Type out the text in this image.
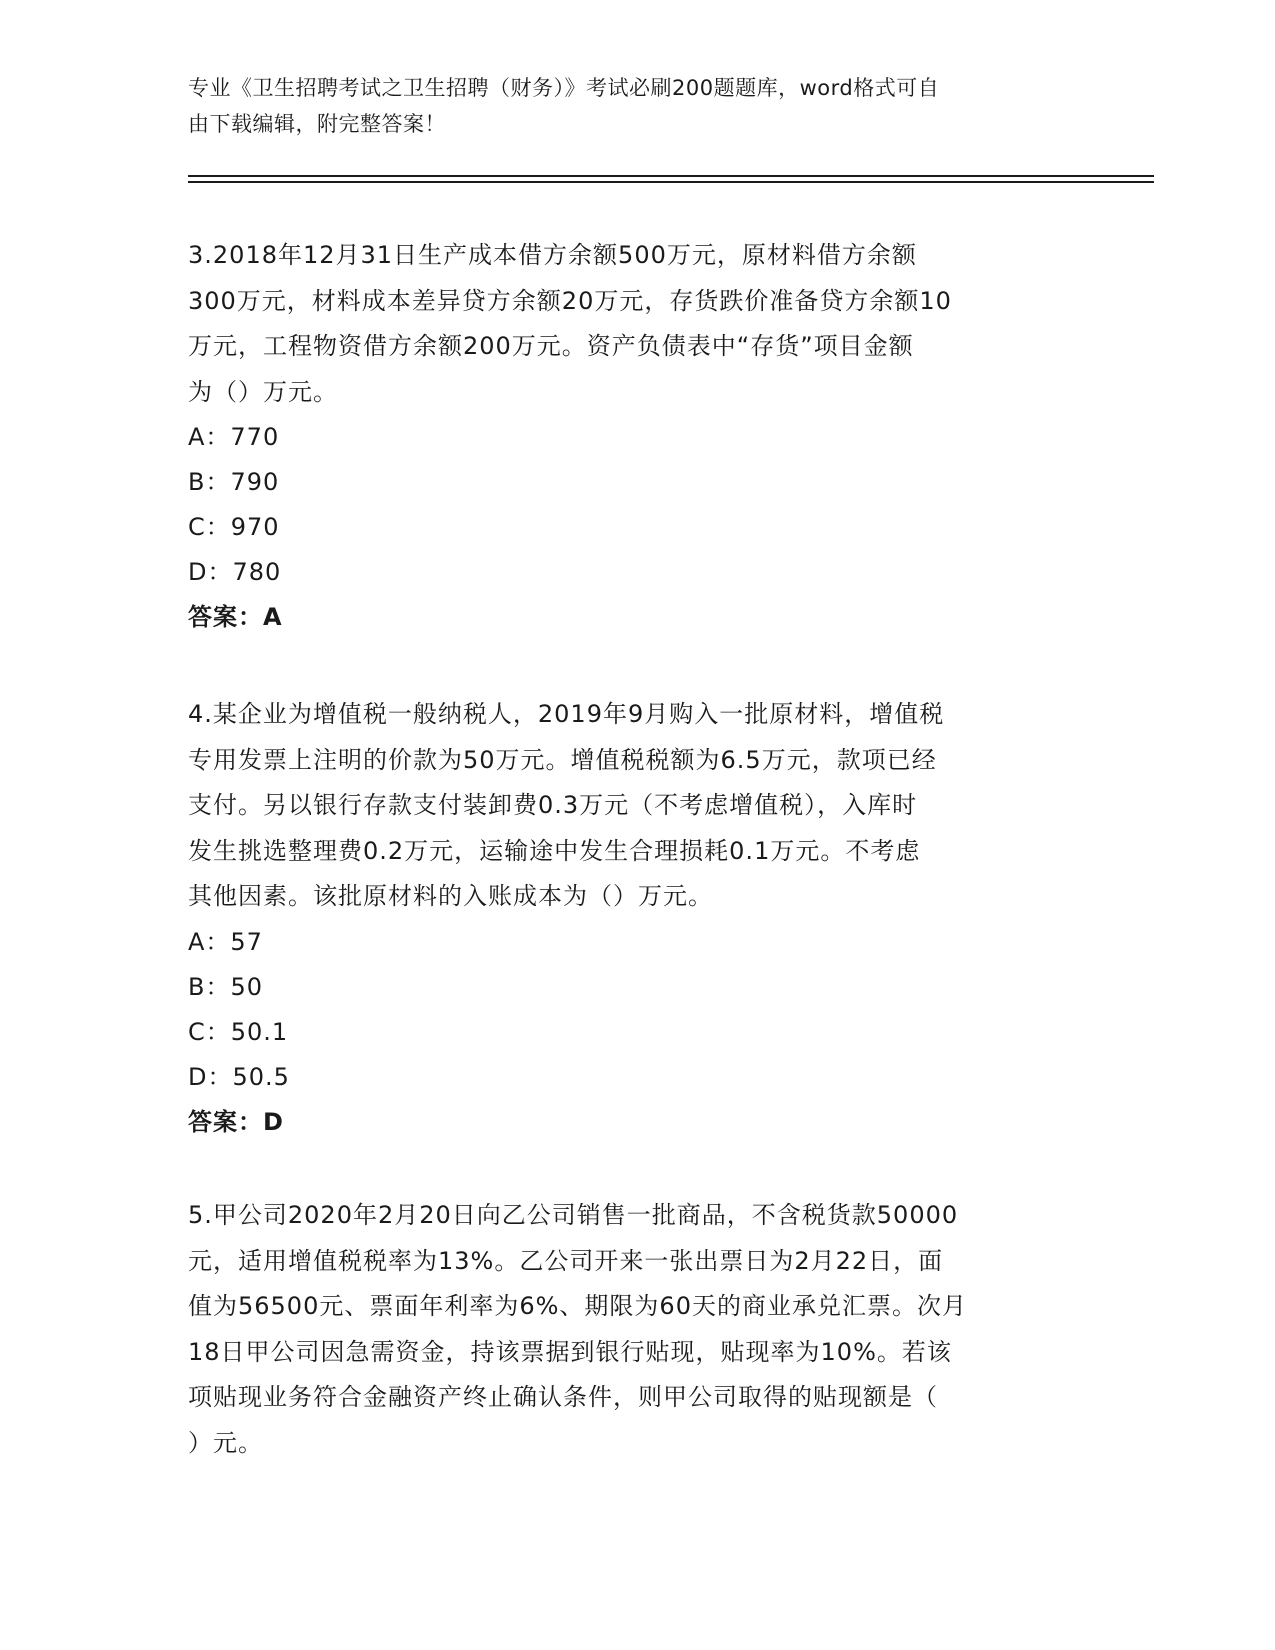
专业《卫生招聘考试之卫生招聘（财务）》考试必刷200题题库，word格式可自
由下载编辑，附完整答案！
3.2018年12月31日生产成本借方余额500万元，原材料借方余额
300万元，材料成本差异贷方余额20万元，存货跌价准备贷方余额10
万元，工程物资借方余额200万元。资产负债表中“存货”项目金额
为（）万元。
A：770
B：790
C：970
D：780
答案：A
4.某企业为增值税一般纳税人，2019年9月购入一批原材料，增值税
专用发票上注明的价款为50万元。增值税税额为6.5万元，款项已经
支付。另以银行存款支付装卸费0.3万元（不考虑增值税），入库时
发生挑选整理费0.2万元，运输途中发生合理损耗0.1万元。不考虑
其他因素。该批原材料的入账成本为（）万元。
A：57
B：50
C：50.1
D：50.5
答案：D
5.甲公司2020年2月20日向乙公司销售一批商品，不含税货款50000
元，适用增值税税率为13%。乙公司开来一张出票日为2月22日，面
值为56500元、票面年利率为6%、期限为60天的商业承兑汇票。次月
18日甲公司因急需资金，持该票据到银行贴现，贴现率为10%。若该
项贴现业务符合金融资产终止确认条件，则甲公司取得的贴现额是（
）元。
